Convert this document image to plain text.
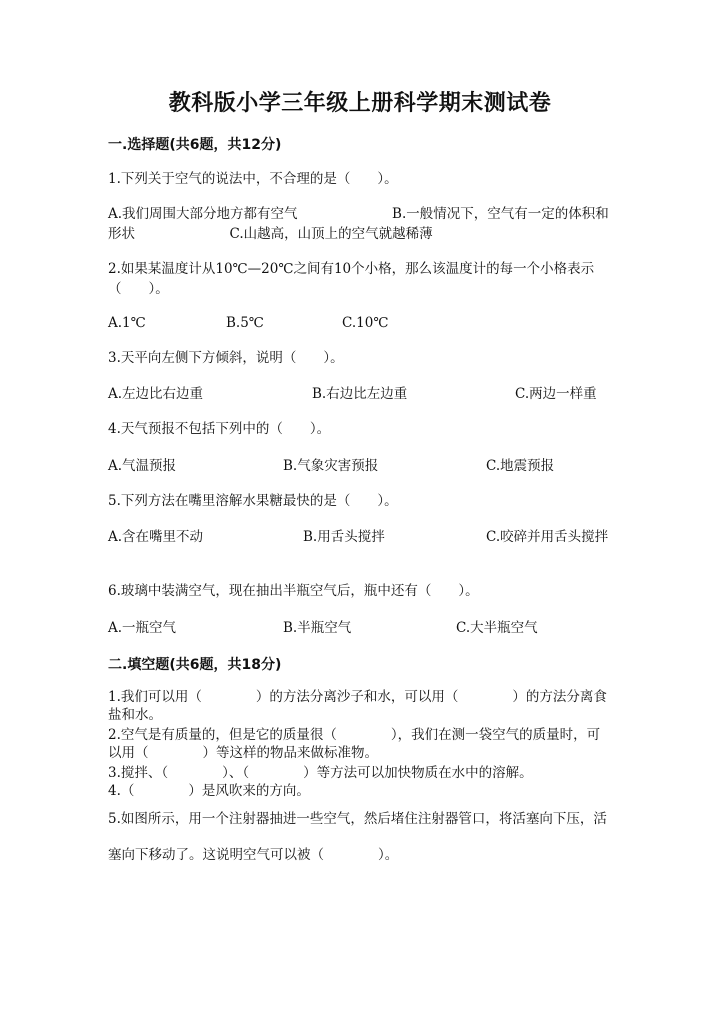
教科版小学三年级上册科学期末测试卷
一.选择题(共6题，共12分)
1.下列关于空气的说法中，不合理的是（　　）。
A.我们周围大部分地方都有空气　　　　　　　B.一般情况下，空气有一定的体积和形状　　　　　　　C.山越高，山顶上的空气就越稀薄
2.如果某温度计从10℃—20℃之间有10个小格，那么该温度计的每一个小格表示（　　）。
A.1℃	B.5℃	C.10℃
3.天平向左侧下方倾斜，说明（　　）。
A.左边比右边重	B.右边比左边重	C.两边一样重
4.天气预报不包括下列中的（　　）。
A.气温预报	B.气象灾害预报	C.地震预报
5.下列方法在嘴里溶解水果糖最快的是（　　）。
A.含在嘴里不动	B.用舌头搅拌	C.咬碎并用舌头搅拌
6.玻璃中装满空气，现在抽出半瓶空气后，瓶中还有（　　）。
A.一瓶空气	B.半瓶空气	C.大半瓶空气
二.填空题(共6题，共18分)
1.我们可以用（　　　　）的方法分离沙子和水，可以用（　　　　）的方法分离食盐和水。
2.空气是有质量的，但是它的质量很（　　　　），我们在测一袋空气的质量时，可以用（　　　　）等这样的物品来做标准物。
3.搅拌、（　　　　）、（　　　　）等方法可以加快物质在水中的溶解。
4.（　　　　）是风吹来的方向。
5.如图所示，用一个注射器抽进一些空气，然后堵住注射器管口，将活塞向下压，活塞向下移动了。这说明空气可以被（　　　　）。
